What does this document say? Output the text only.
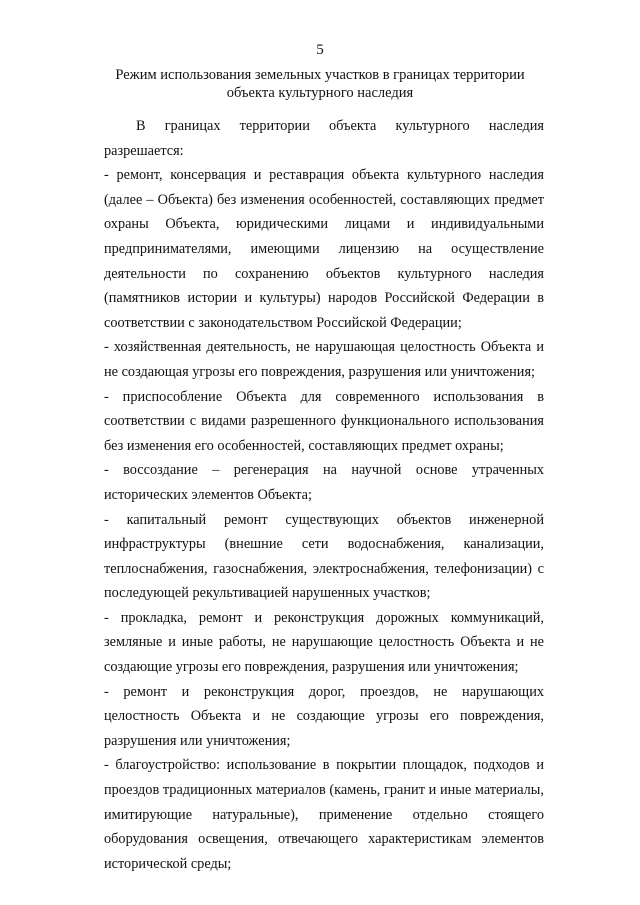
5
Режим использования земельных участков в границах территории объекта культурного наследия

В границах территории объекта культурного наследия разрешается:

- ремонт, консервация и реставрация объекта культурного наследия (далее – Объекта) без изменения особенностей, составляющих предмет охраны Объекта, юридическими лицами и индивидуальными предпринимателями, имеющими лицензию на осуществление деятельности по сохранению объектов культурного наследия (памятников истории и культуры) народов Российской Федерации в соответствии с законодательством Российской Федерации;

- хозяйственная деятельность, не нарушающая целостность Объекта и не создающая угрозы его повреждения, разрушения или уничтожения;

- приспособление Объекта для современного использования в соответствии с видами разрешенного функционального использования без изменения его особенностей, составляющих предмет охраны;

- воссоздание – регенерация на научной основе утраченных исторических элементов Объекта;

- капитальный ремонт существующих объектов инженерной инфраструктуры (внешние сети водоснабжения, канализации, теплоснабжения, газоснабжения, электроснабжения, телефонизации) с последующей рекультивацией нарушенных участков;

- прокладка, ремонт и реконструкция дорожных коммуникаций, земляные и иные работы, не нарушающие целостность Объекта и не создающие угрозы его повреждения, разрушения или уничтожения;

- ремонт и реконструкция дорог, проездов, не нарушающих целостность Объекта и не создающие угрозы его повреждения, разрушения или уничтожения;

- благоустройство: использование в покрытии площадок, подходов и проездов традиционных материалов (камень, гранит и иные материалы, имитирующие натуральные), применение отдельно стоящего оборудования освещения, отвечающего характеристикам элементов исторической среды;
